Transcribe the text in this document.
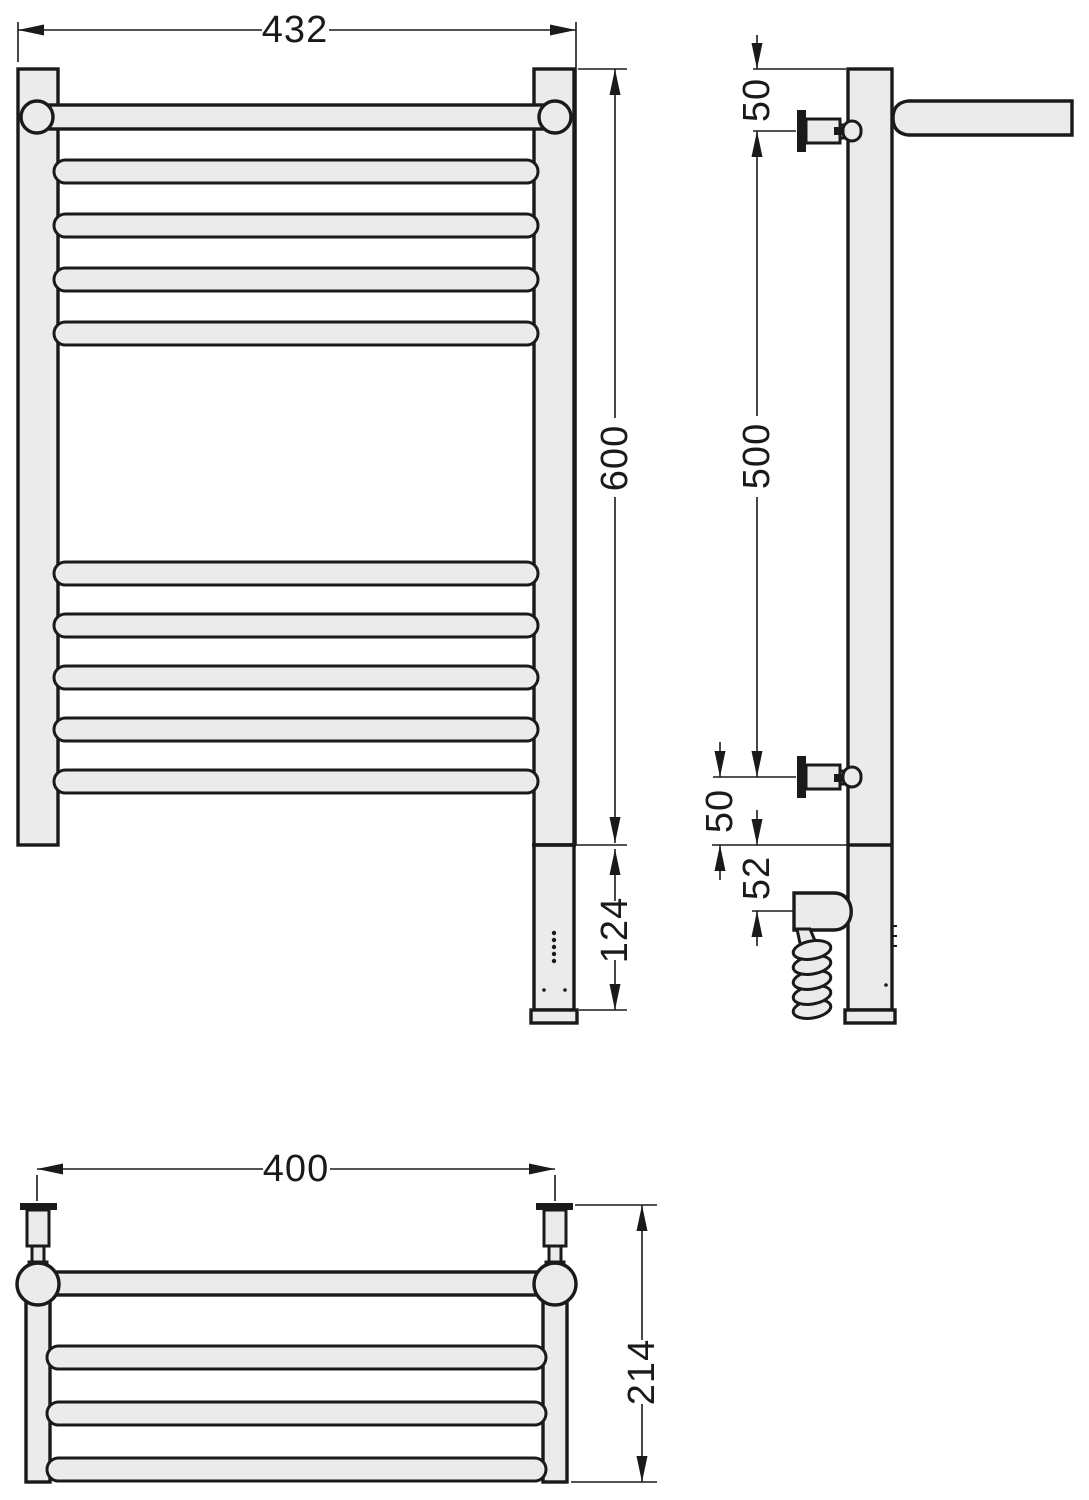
432
600
124
50
500
50
52
400
214
